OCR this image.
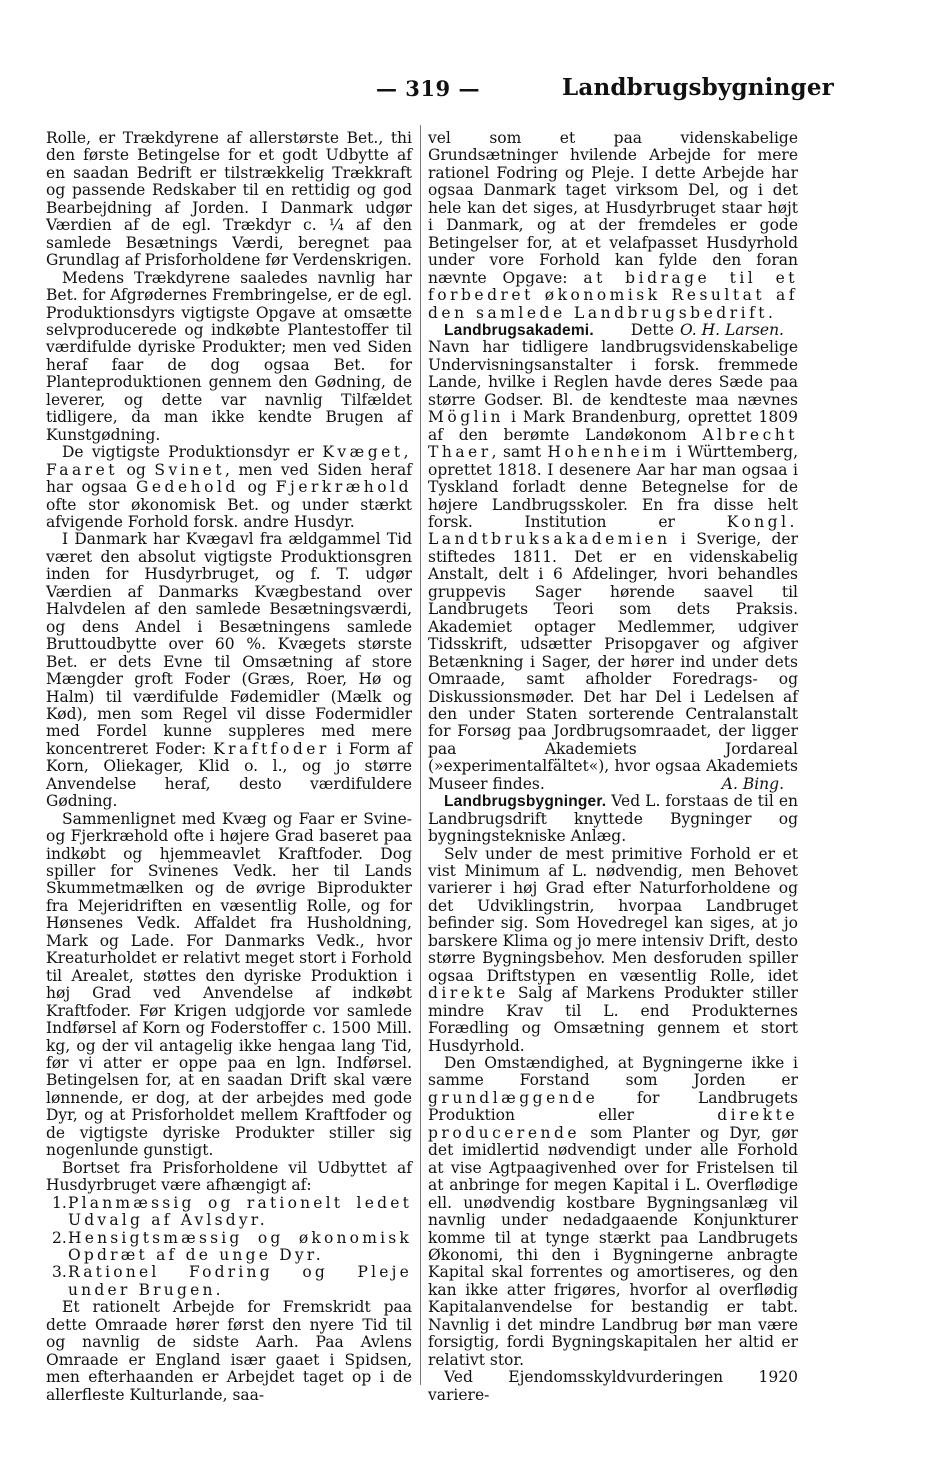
— 319 —	Landbrugsbygninger

Rolle, er Trækdyrene af allerstørste Bet., thi den første Betingelse for et godt Udbytte af en saadan Bedrift er tilstrækkelig Trækkraft og passende Redskaber til en rettidig og god Bearbejdning af Jorden. I Danmark udgør Værdien af de egl. Trækdyr c. ¼ af den samlede Besætnings Værdi, beregnet paa Grundlag af Prisforholdene før Verdenskrigen.

Medens Trækdyrene saaledes navnlig har Bet. for Afgrødernes Frembringelse, er de egl. Produktionsdyrs vigtigste Opgave at omsætte selvproducerede og indkøbte Plantestoffer til værdifulde dyriske Produkter; men ved Siden heraf faar de dog ogsaa Bet. for Planteproduktionen gennem den Gødning, de leverer, og dette var navnlig Tilfældet tidligere, da man ikke kendte Brugen af Kunstgødning.

De vigtigste Produktionsdyr er Kvæget, Faaret og Svinet, men ved Siden heraf har ogsaa Gedehold og Fjerkræhold ofte stor økonomisk Bet. og under stærkt afvigende Forhold forsk. andre Husdyr.

I Danmark har Kvægavl fra ældgammel Tid været den absolut vigtigste Produktionsgren inden for Husdyrbruget, og f. T. udgør Værdien af Danmarks Kvægbestand over Halvdelen af den samlede Besætningsværdi, og dens Andel i Besætningens samlede Bruttoudbytte over 60 %. Kvægets største Bet. er dets Evne til Omsætning af store Mængder groft Foder (Græs, Roer, Hø og Halm) til værdifulde Fødemidler (Mælk og Kød), men som Regel vil disse Fodermidler med Fordel kunne suppleres med mere koncentreret Foder: Kraftfoder i Form af Korn, Oliekager, Klid o. l., og jo større Anvendelse heraf, desto værdifuldere Gødning.

Sammenlignet med Kvæg og Faar er Svine- og Fjerkræhold ofte i højere Grad baseret paa indkøbt og hjemmeavlet Kraftfoder. Dog spiller for Svinenes Vedk. her til Lands Skummetmælken og de øvrige Biprodukter fra Mejeridriften en væsentlig Rolle, og for Hønsenes Vedk. Affaldet fra Husholdning, Mark og Lade. For Danmarks Vedk., hvor Kreaturholdet er relativt meget stort i Forhold til Arealet, støttes den dyriske Produktion i høj Grad ved Anvendelse af indkøbt Kraftfoder. Før Krigen udgjorde vor samlede Indførsel af Korn og Foderstoffer c. 1500 Mill. kg, og der vil antagelig ikke hengaa lang Tid, før vi atter er oppe paa en lgn. Indførsel. Betingelsen for, at en saadan Drift skal være lønnende, er dog, at der arbejdes med gode Dyr, og at Prisforholdet mellem Kraftfoder og de vigtigste dyriske Produkter stiller sig nogenlunde gunstigt.

Bortset fra Prisforholdene vil Udbyttet af Husdyrbruget være afhængigt af:

1. Planmæssig og rationelt ledet Udvalg af Avlsdyr.
2. Hensigtsmæssig og økonomisk Opdræt af de unge Dyr.
3. Rationel Fodring og Pleje under Brugen.

Et rationelt Arbejde for Fremskridt paa dette Omraade hører først den nyere Tid til og navnlig de sidste Aarh. Paa Avlens Omraade er England især gaaet i Spidsen, men efterhaanden er Arbejdet taget op i de allerfleste Kulturlande, saa-

vel som et paa videnskabelige Grundsætninger hvilende Arbejde for mere rationel Fodring og Pleje. I dette Arbejde har ogsaa Danmark taget virksom Del, og i det hele kan det siges, at Husdyrbruget staar højt i Danmark, og at der fremdeles er gode Betingelser for, at et velafpasset Husdyrhold under vore Forhold kan fylde den foran nævnte Opgave: at bidrage til et forbedret økonomisk Resultat af den samlede Landbrugsbedrift.
O. H. Larsen.

Landbrugsakademi. Dette Navn har tidligere landbrugsvidenskabelige Undervisningsanstalter i forsk. fremmede Lande, hvilke i Reglen havde deres Sæde paa større Godser. Bl. de kendteste maa nævnes Möglin i Mark Brandenburg, oprettet 1809 af den berømte Landøkonom Albrecht Thaer, samt Hohenheim i Württemberg, oprettet 1818. I desenere Aar har man ogsaa i Tyskland forladt denne Betegnelse for de højere Landbrugsskoler. En fra disse helt forsk. Institution er Kongl. Landtbruksakademien i Sverige, der stiftedes 1811. Det er en videnskabelig Anstalt, delt i 6 Afdelinger, hvori behandles gruppevis Sager hørende saavel til Landbrugets Teori som dets Praksis. Akademiet optager Medlemmer, udgiver Tidsskrift, udsætter Prisopgaver og afgiver Betænkning i Sager, der hører ind under dets Omraade, samt afholder Foredrags- og Diskussionsmøder. Det har Del i Ledelsen af den under Staten sorterende Centralanstalt for Forsøg paa Jordbrugsomraadet, der ligger paa Akademiets Jordareal (»experimentalfältet«), hvor ogsaa Akademiets Museer findes.	A. Bing.

Landbrugsbygninger. Ved L. forstaas de til en Landbrugsdrift knyttede Bygninger og bygningstekniske Anlæg.

Selv under de mest primitive Forhold er et vist Minimum af L. nødvendig, men Behovet varierer i høj Grad efter Naturforholdene og det Udviklingstrin, hvorpaa Landbruget befinder sig. Som Hovedregel kan siges, at jo barskere Klima og jo mere intensiv Drift, desto større Bygningsbehov. Men desforuden spiller ogsaa Driftstypen en væsentlig Rolle, idet direkte Salg af Markens Produkter stiller mindre Krav til L. end Produkternes Forædling og Omsætning gennem et stort Husdyrhold.

Den Omstændighed, at Bygningerne ikke i samme Forstand som Jorden er grundlæggende for Landbrugets Produktion eller direkte producerende som Planter og Dyr, gør det imidlertid nødvendigt under alle Forhold at vise Agtpaagivenhed over for Fristelsen til at anbringe for megen Kapital i L. Overflødige ell. unødvendig kostbare Bygningsanlæg vil navnlig under nedadgaaende Konjunkturer komme til at tynge stærkt paa Landbrugets Økonomi, thi den i Bygningerne anbragte Kapital skal forrentes og amortiseres, og den kan ikke atter frigøres, hvorfor al overflødig Kapitalanvendelse for bestandig er tabt. Navnlig i det mindre Landbrug bør man være forsigtig, fordi Bygningskapitalen her altid er relativt stor.

Ved Ejendomsskyldvurderingen 1920 variere-
